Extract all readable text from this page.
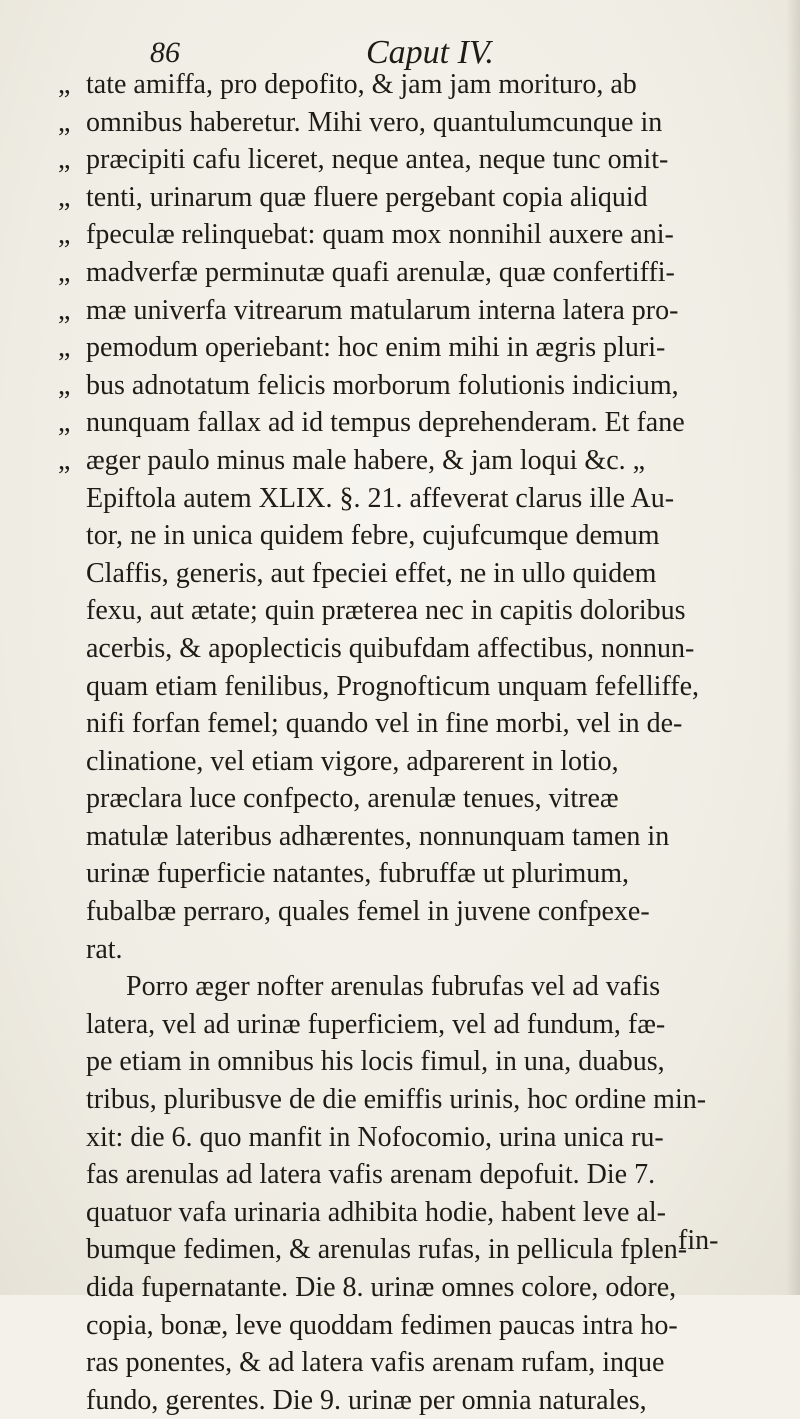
86	Caput IV.
„ tate amiffa, pro depofito, & jam jam morituro, ab
„ omnibus haberetur. Mihi vero, quantulumcunque in
„ præcipiti cafu liceret, neque antea, neque tunc omit-
„ tenti, urinarum quæ fluere pergebant copia aliquid
„ fpeculæ relinquebat: quam mox nonnihil auxere ani-
„ madverfæ perminutæ quafi arenulæ, quæ confertiffi-
„ mæ univerfa vitrearum matularum interna latera pro-
„ pemodum operiebant: hoc enim mihi in ægris pluri-
„ bus adnotatum felicis morborum folutionis indicium,
„ nunquam fallax ad id tempus deprehenderam. Et fane
„ æger paulo minus male habere, & jam loqui &c. „
Epiftola autem XLIX. §. 21. affeverat clarus ille Au-
tor, ne in unica quidem febre, cujufcumque demum
Claffis, generis, aut fpeciei effet, ne in ullo quidem
fexu, aut ætate; quin præterea nec in capitis doloribus
acerbis, & apoplecticis quibufdam affectibus, nonnun-
quam etiam fenilibus, Prognofticum unquam fefelliffe,
nifi forfan femel; quando vel in fine morbi, vel in de-
clinatione, vel etiam vigore, adparerent in lotio,
præclara luce confpecto, arenulæ tenues, vitreæ
matulæ lateribus adhærentes, nonnunquam tamen in
urinæ fuperficie natantes, fubruffæ ut plurimum,
fubalbæ perraro, quales femel in juvene confpexe-
rat.
Porro æger nofter arenulas fubrufas vel ad vafis
latera, vel ad urinæ fuperficiem, vel ad fundum, fæ-
pe etiam in omnibus his locis fimul, in una, duabus,
tribus, pluribusve de die emiffis urinis, hoc ordine min-
xit: die 6. quo manfit in Nofocomio, urina unica ru-
fas arenulas ad latera vafis arenam depofuit. Die 7.
quatuor vafa urinaria adhibita hodie, habent leve al-
bumque fedimen, & arenulas rufas, in pellicula fplen-
dida fupernatante. Die 8. urinæ omnes colore, odore,
copia, bonæ, leve quoddam fedimen paucas intra ho-
ras ponentes, & ad latera vafis arenam rufam, inque
fundo, gerentes. Die 9. urinæ per omnia naturales,
fin-
